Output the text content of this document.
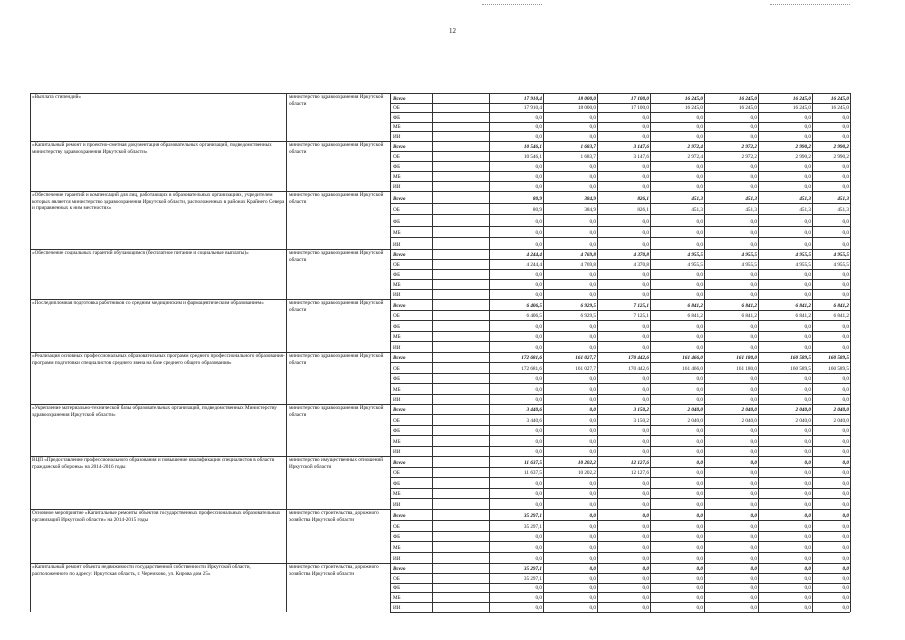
12
«Выплата стипендий»	министерство здравоохранения Иркутской области
Всего	17 910,4	18 000,0	17 100,0	16 245,0	16 245,0	16 245,0	16 245,0
ОБ	17 910,4	18 000,0	17 100,0	16 245,0	16 245,0	16 245,0	16 245,0
ФБ	0,0	0,0	0,0	0,0	0,0	0,0	0,0
МБ	0,0	0,0	0,0	0,0	0,0	0,0	0,0
ИИ	0,0	0,0	0,0	0,0	0,0	0,0	0,0
«Капитальный ремонт и проектно-сметная документация образовательных организаций, подведомственных министерству здравоохранения Иркутской области»
министерство здравоохранения Иркутской области
Всего	10 546,1	1 683,7	3 147,6	2 972,4	2 972,2	2 990,2	2 990,2
ОБ	10 546,1	1 683,7	3 147,6	2 972,4	2 972,2	2 990,2	2 990,2
ФБ	0,0	0,0	0,0	0,0	0,0	0,0	0,0
МБ	0,0	0,0	0,0	0,0	0,0	0,0	0,0
ИИ	0,0	0,0	0,0	0,0	0,0	0,0	0,0
«Обеспечение гарантий и компенсаций для лиц, работающих в образовательных организациях, учредителем которых является министерство здравоохранения Иркутской области, расположенных в районах Крайнего Севера и приравненных к ним местностях»
министерство здравоохранения Иркутской области	Всего	80,9	384,9	826,1	451,3	451,3	451,3	451,3
ОБ	80,9	384,9	826,1	451,3	451,3	451,3	451,3
ФБ	0,0	0,0	0,0	0,0	0,0	0,0	0,0
МБ	0,0	0,0	0,0	0,0	0,0	0,0	0,0
ИИ	0,0	0,0	0,0	0,0	0,0	0,0	0,0
«Обеспечение социальных гарантий обучающимся (бесплатное питание и социальные выплаты)»	министерство здравоохранения Иркутской области
Всего	4 244,4	4 769,8	4 370,8	4 955,5	4 955,5	4 955,5	4 955,5
ОБ	4 244,4	4 769,8	4 370,8	4 955,5	4 955,5	4 955,5	4 955,5
ФБ	0,0	0,0	0,0	0,0	0,0	0,0	0,0
МБ	0,0	0,0	0,0	0,0	0,0	0,0	0,0
ИИ	0,0	0,0	0,0	0,0	0,0	0,0	0,0
«Последипломная подготовка работников со средним медицинским и фармацевтическим образованием»	министерство здравоохранения Иркутской области
Всего	6 406,5	6 929,5	7 125,1	6 841,2	6 841,2	6 841,2	6 841,2
ОБ	6 406,5	6 929,5	7 125,1	6 841,2	6 841,2	6 841,2	6 841,2
ФБ	0,0	0,0	0,0	0,0	0,0	0,0	0,0
МБ	0,0	0,0	0,0	0,0	0,0	0,0	0,0
ИИ	0,0	0,0	0,0	0,0	0,0	0,0	0,0
«Реализация основных профессиональных образовательных программ среднего профессионального образования- программ подготовки специалистов среднего звена на базе среднего общего образования»
министерство здравоохранения Иркутской области
Всего	172 681,6	161 027,7	170 442,6	161 466,0	161 180,0	160 589,5	160 589,5
ОБ	172 681,6	161 027,7	170 442,6	161 466,0	161 180,0	160 589,5	160 589,5
ФБ	0,0	0,0	0,0	0,0	0,0	0,0	0,0
МБ	0,0	0,0	0,0	0,0	0,0	0,0	0,0
ИИ	0,0	0,0	0,0	0,0	0,0	0,0	0,0
«Укрепление материально-технической базы образовательных организаций, подведомственных Министерству здравоохранения Иркутской области»
министерство здравоохранения Иркутской области
Всего	3 440,6	0,0	3 150,2	2 040,0	2 040,0	2 040,0	2 040,0
ОБ	3 440,6	0,0	3 150,2	2 040,0	2 040,0	2 040,0	2 040,0
ФБ	0,0	0,0	0,0	0,0	0,0	0,0	0,0
МБ	0,0	0,0	0,0	0,0	0,0	0,0	0,0
ИИ	0,0	0,0	0,0	0,0	0,0	0,0	0,0
ВЦП «Предоставление профессионального образования и повышение квалификации специалистов в области гражданской обороны» на 2014-2016 годы
министерство имущественных отношений Иркутской области
Всего	11 637,5	10 202,2	12 127,6	0,0	0,0	0,0	0,0
ОБ	11 637,5	10 202,2	12 127,6	0,0	0,0	0,0	0,0
ФБ	0,0	0,0	0,0	0,0	0,0	0,0	0,0
МБ	0,0	0,0	0,0	0,0	0,0	0,0	0,0
ИИ	0,0	0,0	0,0	0,0	0,0	0,0	0,0
Основное мероприятие «Капитальные ремонты объектов государственных профессиональных образовательных организаций Иркутской области» на 2014-2015 годы
министерство строительства, дорожного хозяйства Иркутской области
Всего	35 297,1	0,0	0,0	0,0	0,0	0,0	0,0
ОБ	35 297,1	0,0	0,0	0,0	0,0	0,0	0,0
ФБ	0,0	0,0	0,0	0,0	0,0	0,0	0,0
МБ	0,0	0,0	0,0	0,0	0,0	0,0	0,0
ИИ	0,0	0,0	0,0	0,0	0,0	0,0	0,0
«Капитальный ремонт объекта недвижимости государственной собственности Иркутской области, расположенного по адресу: Иркутская область, г. Черемхово, ул. Кирова дом 25»
министерство строительства, дорожного хозяйства Иркутской области
Всего	35 297,1	0,0	0,0	0,0	0,0	0,0	0,0
ОБ	35 297,1	0,0	0,0	0,0	0,0	0,0	0,0
ФБ	0,0	0,0	0,0	0,0	0,0	0,0	0,0
МБ	0,0	0,0	0,0	0,0	0,0	0,0	0,0
ИИ	0,0	0,0	0,0	0,0	0,0	0,0	0,0
